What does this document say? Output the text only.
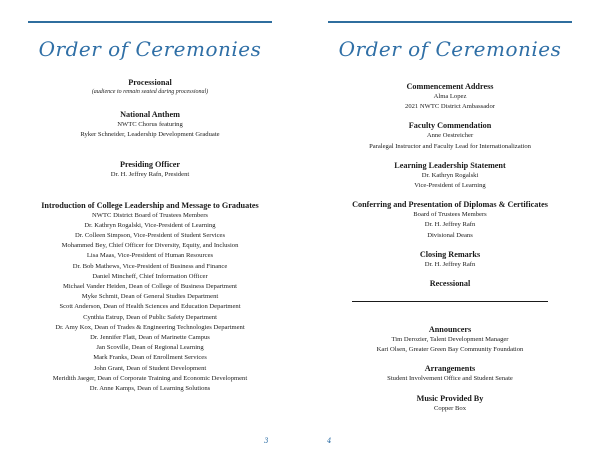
Order of Ceremonies

Processional

(audience to remain seated during processional)

National Anthem

NWTC Chorus featuring

Ryker Schneider, Leadership Development Graduate

Presiding Officer

Dr. H. Jeffrey Rafn, President

Introduction of College Leadership and Message to Graduates

NWTC District Board of Trustees Members

Dr. Kathryn Rogalski, Vice-President of Learning

Dr. Colleen Simpson, Vice-President of Student Services

Mohammed Bey, Chief Officer for Diversity, Equity, and Inclusion

Lisa Maas, Vice-President of Human Resources

Dr. Bob Mathews, Vice-President of Business and Finance

Daniel Mincheff, Chief Information Officer

Michael Vander Heiden, Dean of College of Business Department

Myke Schmit, Dean of General Studies Department

Scott Anderson, Dean of Health Sciences and Education Department

Cynthia Estrup, Dean of Public Safety Department

Dr. Amy Kox, Dean of Trades & Engineering Technologies Department

Dr. Jennifer Flatt, Dean of Marinette Campus

Jan Scoville, Dean of Regional Learning

Mark Franks, Dean of Enrollment Services

John Grant, Dean of Student Development

Meridith Jaeger, Dean of Corporate Training and Economic Development

Dr. Anne Kamps, Dean of Learning Solutions

3
Order of Ceremonies

Commencement Address

Alma Lopez

2021 NWTC District Ambassador

Faculty Commendation

Anne Oestreicher

Paralegal Instructor and Faculty Lead for Internationalization

Learning Leadership Statement

Dr. Kathryn Rogalski

Vice-President of Learning

Conferring and Presentation of Diplomas & Certificates

Board of Trustees Members

Dr. H. Jeffrey Rafn

Divisional Deans

Closing Remarks

Dr. H. Jeffrey Rafn

Recessional

Announcers

Tim Derozier, Talent Development Manager

Kari Olsen, Greater Green Bay Community Foundation

Arrangements

Student Involvement Office and Student Senate

Music Provided By

Copper Box

4
